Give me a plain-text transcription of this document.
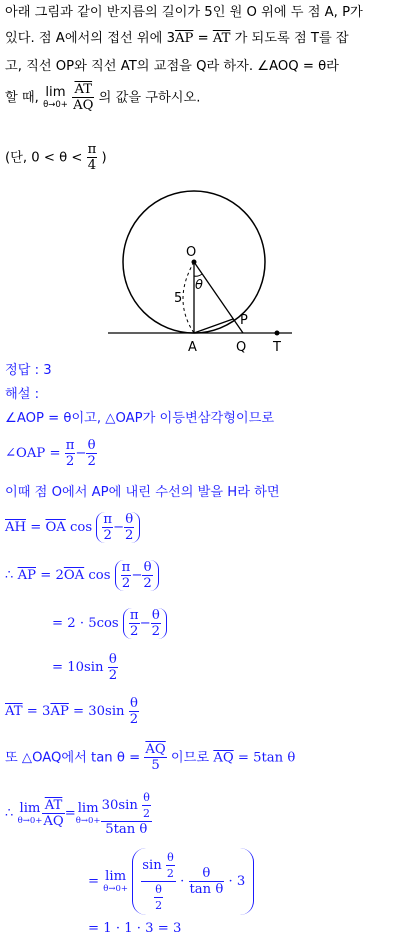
아래 그림과 같이 반지름의 길이가 5인 원 O 위에 두 점 A, P가
있다. 점 A에서의 접선 위에 $3\overline{AP} = \overline{AT}$ 가 되도록 점 T를 잡
고, 직선 OP와 직선 AT의 교점을 Q라 하자. ∠AOQ = θ라
할 때, lim
θ→0+
$\frac{\overline{AT}}{AQ}$ 의 값을 구하시오.
(단, $0 < \theta < \frac{\pi}{4}$ )
O
θ
5
P
A	Q T
정답 : 3
해설 :
∠AOP = θ이고, △OAP가 이등변삼각형이므로
∠OAP = $\frac{\pi}{2} - \frac{\theta}{2}$
이때 점 O에서 AP에 내린 수선의 발을 H라 하면
$\overline{AH} = \overline{OA}$ $\cos \frac{\pi}{2} - \frac{\theta}{2}$
∴ $\overline{AP} = 2\overline{OA}$ $\cos \frac{\pi}{2} - \frac{\theta}{2}$
= $2 \cdot 5\cos \frac{\pi}{2} - \frac{\theta}{2}$
= $10\sin \frac{\theta}{2}$
$\overline{AT} = 3\overline{AP} = 30\sin \frac{\theta}{2}$
또 △OAQ에서 $\tan \theta = \frac{\overline{AQ}}{5}$ 이므로 $\overline{AQ} = 5\tan$ θ
∴ lim
$\theta\to 0+ \frac{\overline{AT}}{AQ} = \lim$
$\theta\to 0+ \frac{30\sin \frac{\theta}{2}}{\text{5tan θ}}$
= lim
θ→0+
$\frac{\sin \frac{\theta}{2}}{\frac{\theta}{2}} \cdot \frac{\theta}{\text{tan θ}} \cdot 3$
= 1 · 1 · 3 = 3
